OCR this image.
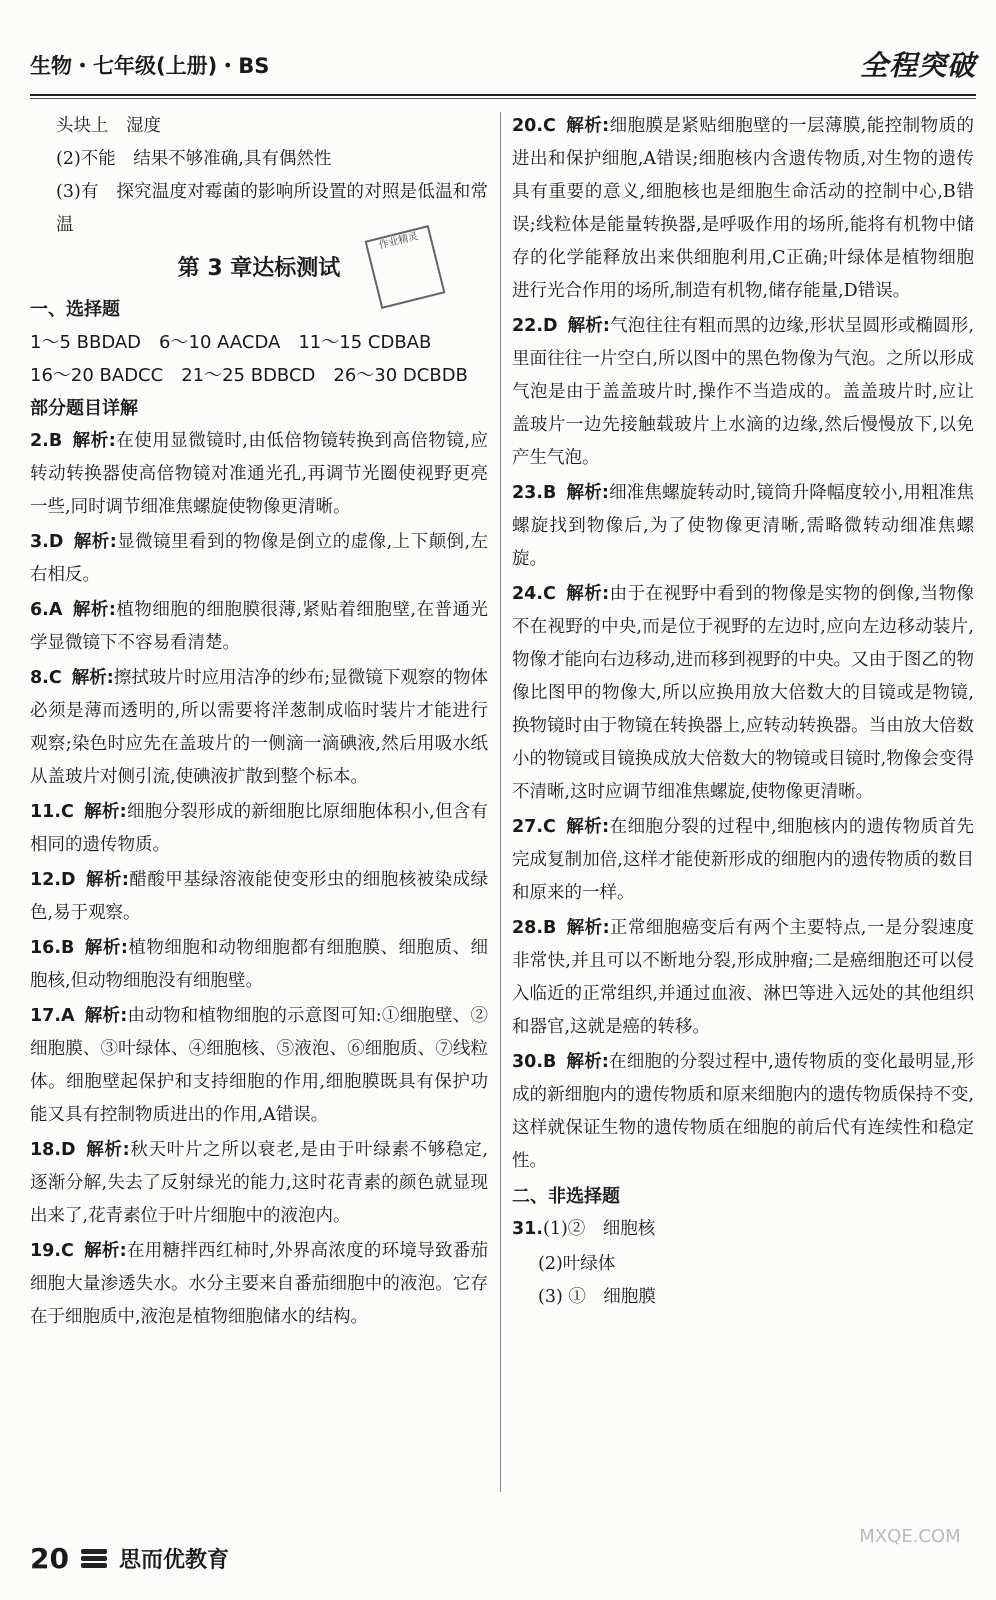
生物・七年级(上册)・BS	全程突破
作业精灵

头块上　湿度

(2)不能　结果不够准确,具有偶然性

(3)有　探究温度对霉菌的影响所设置的对照是低温和常温

第 3 章达标测试
一、选择题
1～5 BBDAD　6～10 AACDA　11～15 CDBAB
16～20 BADCC　21～25 BDBCD　26～30 DCBDB
部分题目详解
2.B 解析:在使用显微镜时,由低倍物镜转换到高倍物镜,应转动转换器使高倍物镜对准通光孔,再调节光圈使视野更亮一些,同时调节细准焦螺旋使物像更清晰。
3.D 解析:显微镜里看到的物像是倒立的虚像,上下颠倒,左右相反。
6.A 解析:植物细胞的细胞膜很薄,紧贴着细胞壁,在普通光学显微镜下不容易看清楚。
8.C 解析:擦拭玻片时应用洁净的纱布;显微镜下观察的物体必须是薄而透明的,所以需要将洋葱制成临时装片才能进行观察;染色时应先在盖玻片的一侧滴一滴碘液,然后用吸水纸从盖玻片对侧引流,使碘液扩散到整个标本。
11.C 解析:细胞分裂形成的新细胞比原细胞体积小,但含有相同的遗传物质。
12.D 解析:醋酸甲基绿溶液能使变形虫的细胞核被染成绿色,易于观察。
16.B 解析:植物细胞和动物细胞都有细胞膜、细胞质、细胞核,但动物细胞没有细胞壁。
17.A 解析:由动物和植物细胞的示意图可知:①细胞壁、②细胞膜、③叶绿体、④细胞核、⑤液泡、⑥细胞质、⑦线粒体。细胞壁起保护和支持细胞的作用,细胞膜既具有保护功能又具有控制物质进出的作用,A错误。
18.D 解析:秋天叶片之所以衰老,是由于叶绿素不够稳定,逐渐分解,失去了反射绿光的能力,这时花青素的颜色就显现出来了,花青素位于叶片细胞中的液泡内。
19.C 解析:在用糖拌西红柿时,外界高浓度的环境导致番茄细胞大量渗透失水。水分主要来自番茄细胞中的液泡。它存在于细胞质中,液泡是植物细胞储水的结构。
20.C 解析:细胞膜是紧贴细胞壁的一层薄膜,能控制物质的进出和保护细胞,A错误;细胞核内含遗传物质,对生物的遗传具有重要的意义,细胞核也是细胞生命活动的控制中心,B错误;线粒体是能量转换器,是呼吸作用的场所,能将有机物中储存的化学能释放出来供细胞利用,C正确;叶绿体是植物细胞进行光合作用的场所,制造有机物,储存能量,D错误。
22.D 解析:气泡往往有粗而黑的边缘,形状呈圆形或椭圆形,里面往往一片空白,所以图中的黑色物像为气泡。之所以形成气泡是由于盖盖玻片时,操作不当造成的。盖盖玻片时,应让盖玻片一边先接触载玻片上水滴的边缘,然后慢慢放下,以免产生气泡。
23.B 解析:细准焦螺旋转动时,镜筒升降幅度较小,用粗准焦螺旋找到物像后,为了使物像更清晰,需略微转动细准焦螺旋。
24.C 解析:由于在视野中看到的物像是实物的倒像,当物像不在视野的中央,而是位于视野的左边时,应向左边移动装片,物像才能向右边移动,进而移到视野的中央。又由于图乙的物像比图甲的物像大,所以应换用放大倍数大的目镜或是物镜,换物镜时由于物镜在转换器上,应转动转换器。当由放大倍数小的物镜或目镜换成放大倍数大的物镜或目镜时,物像会变得不清晰,这时应调节细准焦螺旋,使物像更清晰。
27.C 解析:在细胞分裂的过程中,细胞核内的遗传物质首先完成复制加倍,这样才能使新形成的细胞内的遗传物质的数目和原来的一样。
28.B 解析:正常细胞癌变后有两个主要特点,一是分裂速度非常快,并且可以不断地分裂,形成肿瘤;二是癌细胞还可以侵入临近的正常组织,并通过血液、淋巴等进入远处的其他组织和器官,这就是癌的转移。
30.B 解析:在细胞的分裂过程中,遗传物质的变化最明显,形成的新细胞内的遗传物质和原来细胞内的遗传物质保持不变,这样就保证生物的遗传物质在细胞的前后代有连续性和稳定性。
二、非选择题
31.(1)②　细胞核
(2)叶绿体
(3) ①　细胞膜
20 思而优教育
MXQE.COM
